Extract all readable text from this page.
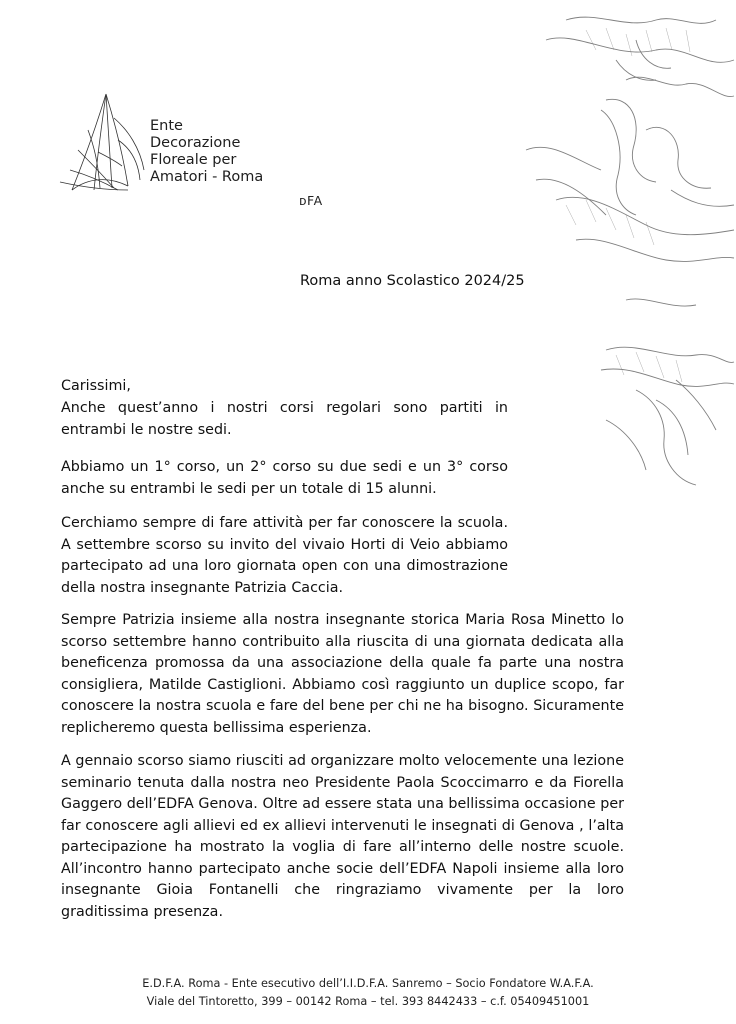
Ente
Decorazione
Floreale per
Amatori - Roma
ᴅFA
Roma anno Scolastico 2024/25

Carissimi,

Anche quest’anno i nostri corsi regolari sono partiti in entrambi le nostre sedi.

Abbiamo un 1° corso, un 2° corso su due sedi e un 3° corso anche su entrambi le sedi per un totale di 15 alunni.

Cerchiamo sempre di fare attività per far conoscere la scuola. A settembre scorso su invito del vivaio Horti di Veio abbiamo partecipato ad una loro giornata open con una dimostrazione della nostra insegnante Patrizia Caccia.

Sempre Patrizia insieme alla nostra insegnante storica Maria Rosa Minetto lo scorso settembre hanno contribuito alla riuscita di una giornata dedicata alla beneficenza promossa da una associazione della quale fa parte una nostra consigliera, Matilde Castiglioni. Abbiamo così raggiunto un duplice scopo, far conoscere la nostra scuola e fare del bene per chi ne ha bisogno. Sicuramente replicheremo questa bellissima esperienza.

A gennaio scorso siamo riusciti ad organizzare molto velocemente una lezione seminario tenuta dalla nostra neo Presidente Paola Scoccimarro e da Fiorella Gaggero dell’EDFA Genova. Oltre ad essere stata una bellissima occasione per far conoscere agli allievi ed ex allievi intervenuti le insegnati di Genova , l’alta partecipazione ha mostrato la voglia di fare all’interno delle nostre scuole. All’incontro hanno partecipato anche socie dell’EDFA Napoli insieme alla loro insegnante Gioia Fontanelli che ringraziamo vivamente per la loro graditissima presenza.

E.D.F.A. Roma - Ente esecutivo dell’I.I.D.F.A. Sanremo – Socio Fondatore W.A.F.A.
Viale del Tintoretto, 399 – 00142 Roma – tel. 393 8442433 – c.f. 05409451001
